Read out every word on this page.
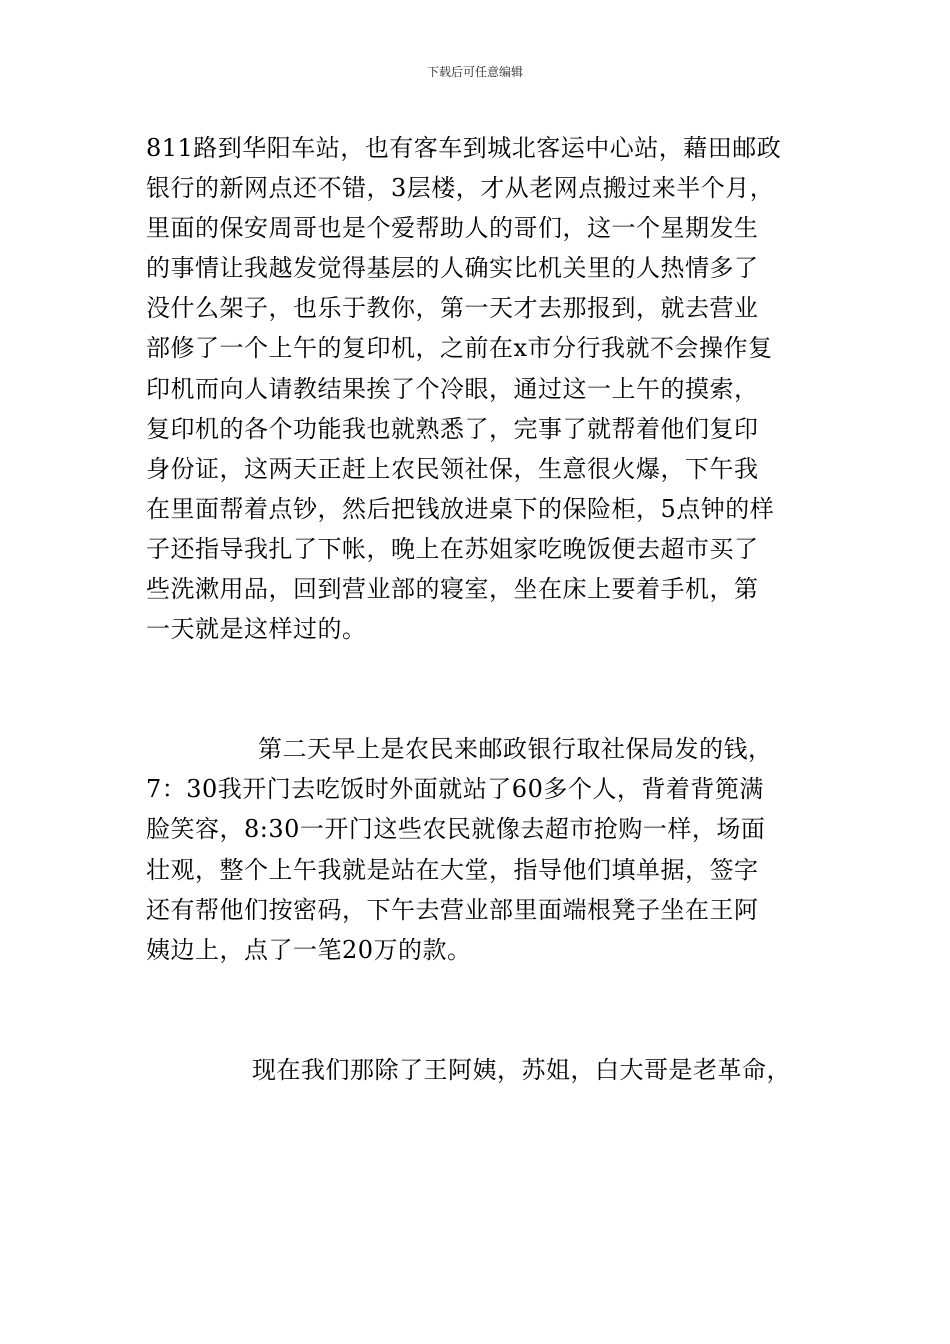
下载后可任意编辑

811路到华阳车站，也有客车到城北客运中心站，藉田邮政
银行的新网点还不错，3层楼，才从老网点搬过来半个月，
里面的保安周哥也是个爱帮助人的哥们，这一个星期发生
的事情让我越发觉得基层的人确实比机关里的人热情多了
没什么架子，也乐于教你，第一天才去那报到，就去营业
部修了一个上午的复印机，之前在x市分行我就不会操作复
印机而向人请教结果挨了个冷眼，通过这一上午的摸索，
复印机的各个功能我也就熟悉了，完事了就帮着他们复印
身份证，这两天正赶上农民领社保，生意很火爆，下午我
在里面帮着点钞，然后把钱放进桌下的保险柜，5点钟的样
子还指导我扎了下帐，晚上在苏姐家吃晚饭便去超市买了
些洗漱用品，回到营业部的寝室，坐在床上要着手机，第
一天就是这样过的。

第二天早上是农民来邮政银行取社保局发的钱，
7：30我开门去吃饭时外面就站了60多个人，背着背篼满
脸笑容，8:30一开门这些农民就像去超市抢购一样，场面
壮观，整个上午我就是站在大堂，指导他们填单据，签字
还有帮他们按密码，下午去营业部里面端根凳子坐在王阿
姨边上，点了一笔20万的款。

现在我们那除了王阿姨，苏姐，白大哥是老革命，
